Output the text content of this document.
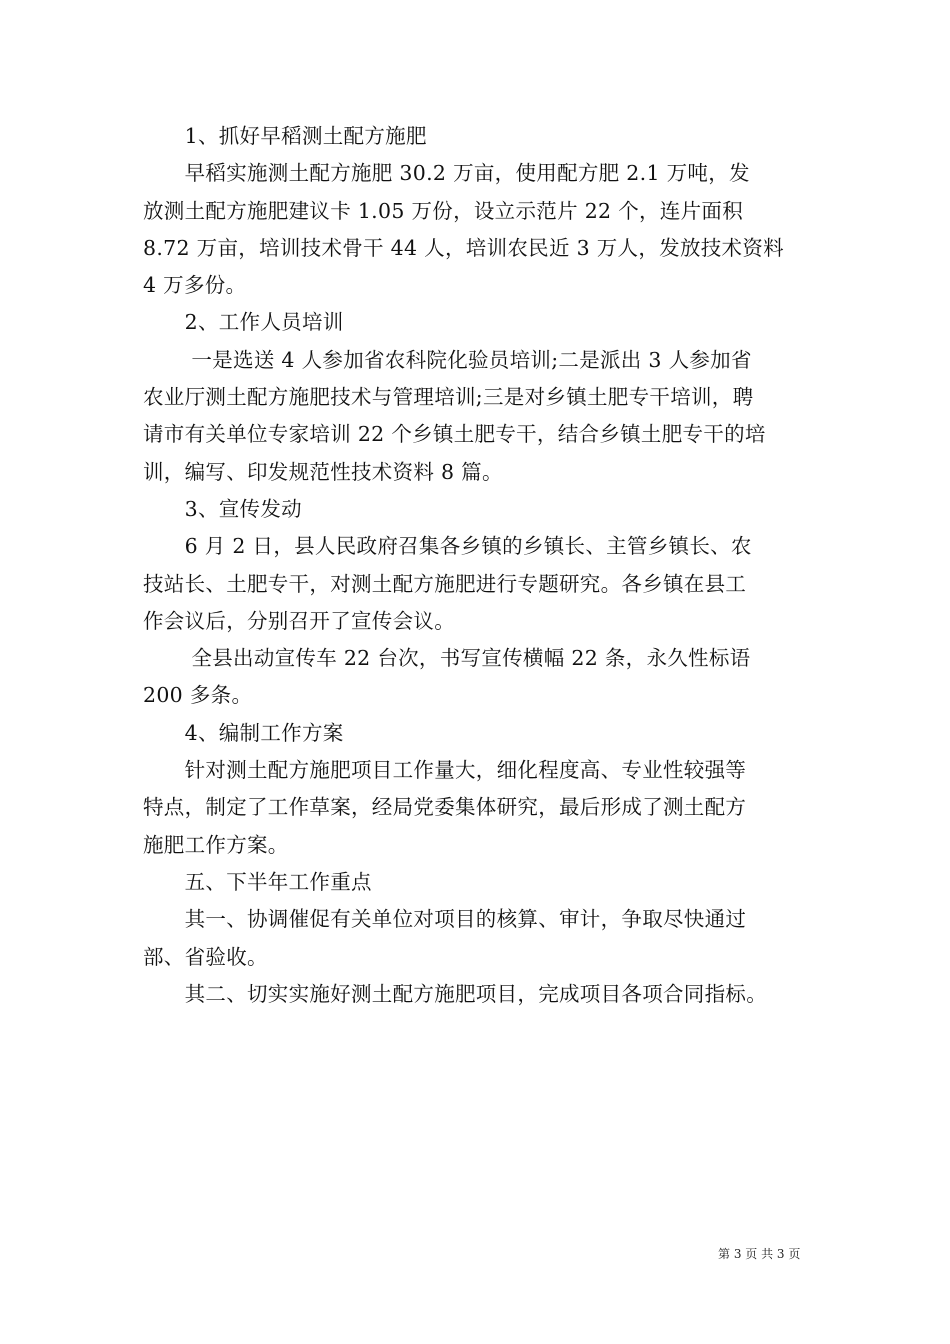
　　1、抓好早稻测土配方施肥
　　早稻实施测土配方施肥 30.2 万亩，使用配方肥 2.1 万吨，发
放测土配方施肥建议卡 1.05 万份，设立示范片 22 个，连片面积
8.72 万亩，培训技术骨干 44 人，培训农民近 3 万人，发放技术资料
4 万多份。
　　2、工作人员培训
　　 一是选送 4 人参加省农科院化验员培训;二是派出 3 人参加省
农业厅测土配方施肥技术与管理培训;三是对乡镇土肥专干培训，聘
请市有关单位专家培训 22 个乡镇土肥专干，结合乡镇土肥专干的培
训，编写、印发规范性技术资料 8 篇。
　　3、宣传发动
　　6 月 2 日，县人民政府召集各乡镇的乡镇长、主管乡镇长、农
技站长、土肥专干，对测土配方施肥进行专题研究。各乡镇在县工
作会议后，分别召开了宣传会议。
　　 全县出动宣传车 22 台次，书写宣传横幅 22 条，永久性标语
200 多条。
　　4、编制工作方案
　　针对测土配方施肥项目工作量大，细化程度高、专业性较强等
特点，制定了工作草案，经局党委集体研究，最后形成了测土配方
施肥工作方案。
　　五、下半年工作重点
　　其一、协调催促有关单位对项目的核算、审计，争取尽快通过
部、省验收。
　　其二、切实实施好测土配方施肥项目，完成项目各项合同指标。
第 3 页 共 3 页
